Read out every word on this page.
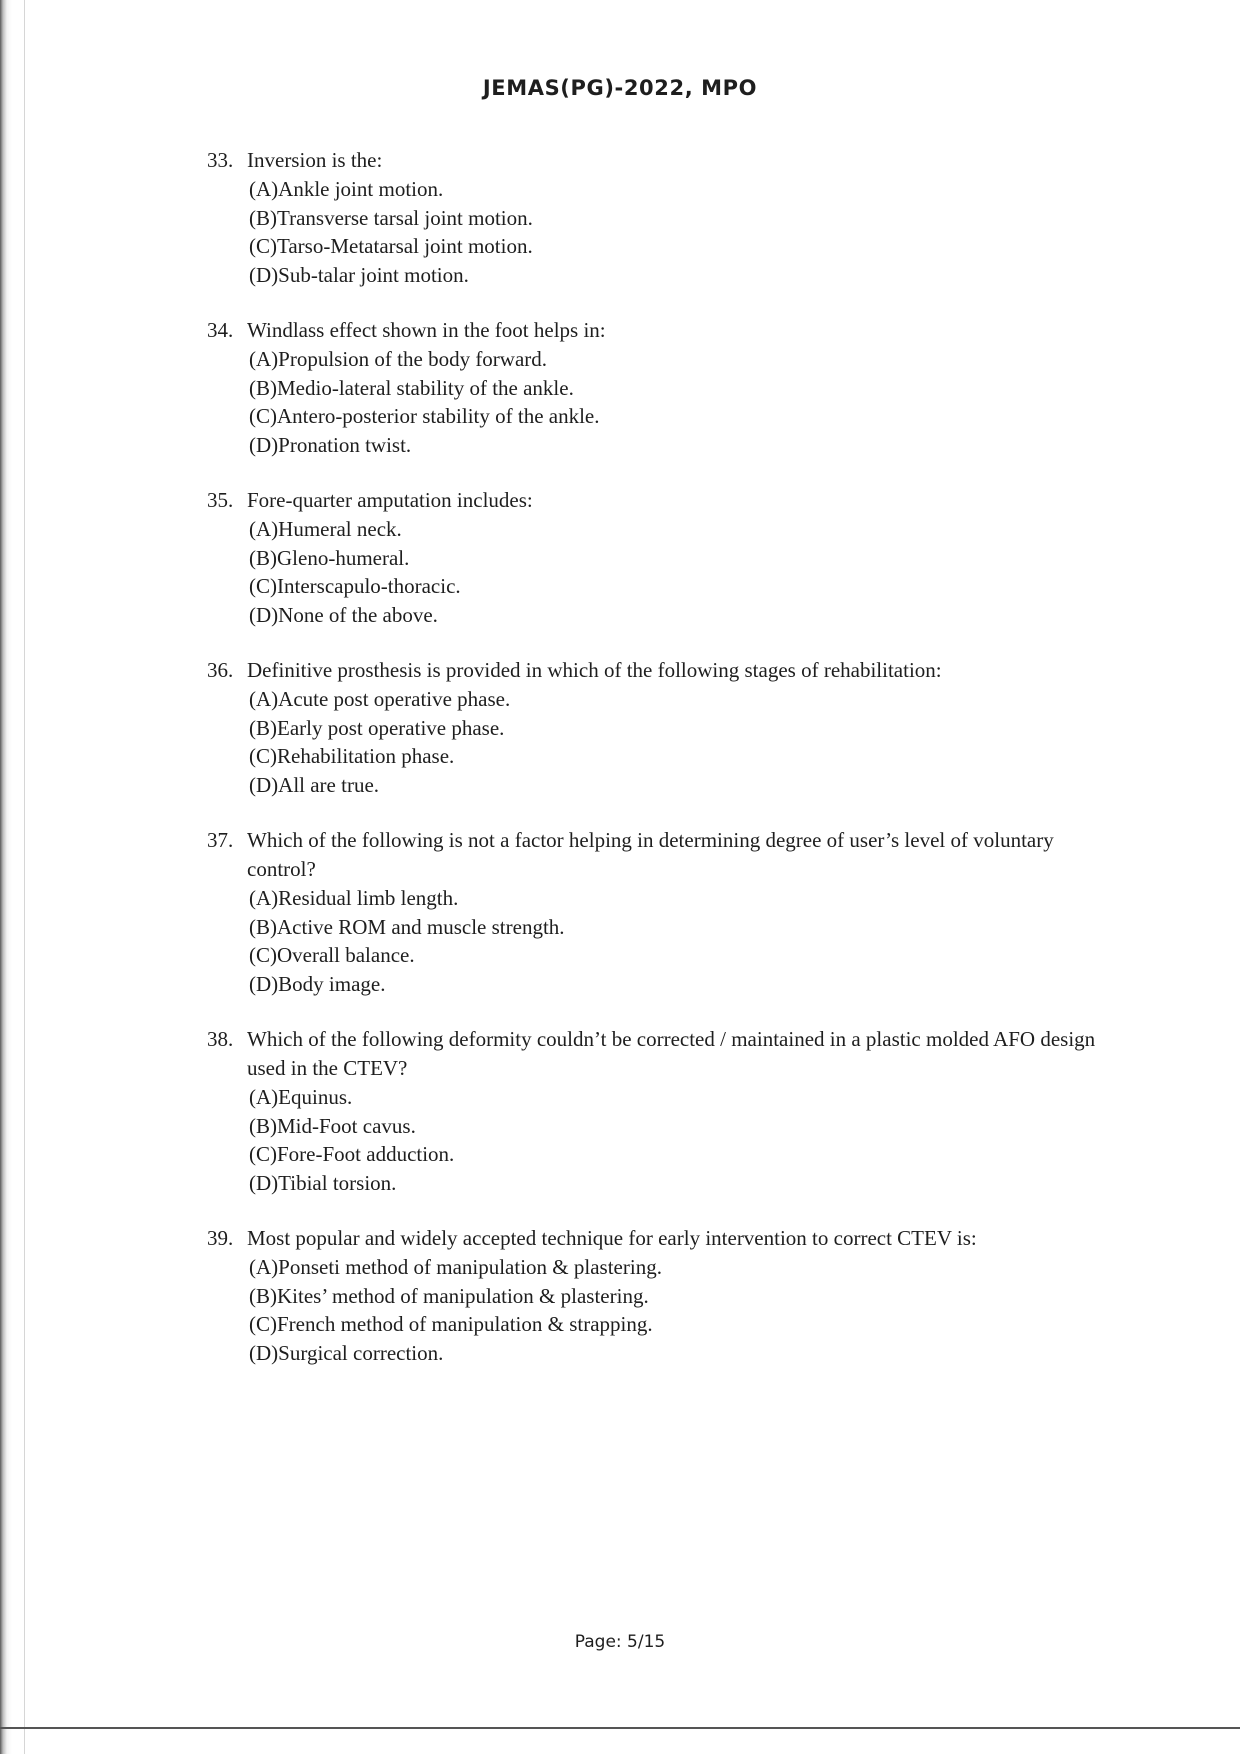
JEMAS(PG)-2022, MPO
33. Inversion is the:
(A)Ankle joint motion.
(B)Transverse tarsal joint motion.
(C)Tarso-Metatarsal joint motion.
(D)Sub-talar joint motion.
34. Windlass effect shown in the foot helps in:
(A)Propulsion of the body forward.
(B)Medio-lateral stability of the ankle.
(C)Antero-posterior stability of the ankle.
(D)Pronation twist.
35. Fore-quarter amputation includes:
(A)Humeral neck.
(B)Gleno-humeral.
(C)Interscapulo-thoracic.
(D)None of the above.
36. Definitive prosthesis is provided in which of the following stages of rehabilitation:
(A)Acute post operative phase.
(B)Early post operative phase.
(C)Rehabilitation phase.
(D)All are true.
37. Which of the following is not a factor helping in determining degree of user’s level of voluntary control?
(A)Residual limb length.
(B)Active ROM and muscle strength.
(C)Overall balance.
(D)Body image.
38. Which of the following deformity couldn’t be corrected / maintained in a plastic molded AFO design used in the CTEV?
(A)Equinus.
(B)Mid-Foot cavus.
(C)Fore-Foot adduction.
(D)Tibial torsion.
39. Most popular and widely accepted technique for early intervention to correct CTEV is:
(A)Ponseti method of manipulation & plastering.
(B)Kites’ method of manipulation & plastering.
(C)French method of manipulation & strapping.
(D)Surgical correction.
Page: 5/15
